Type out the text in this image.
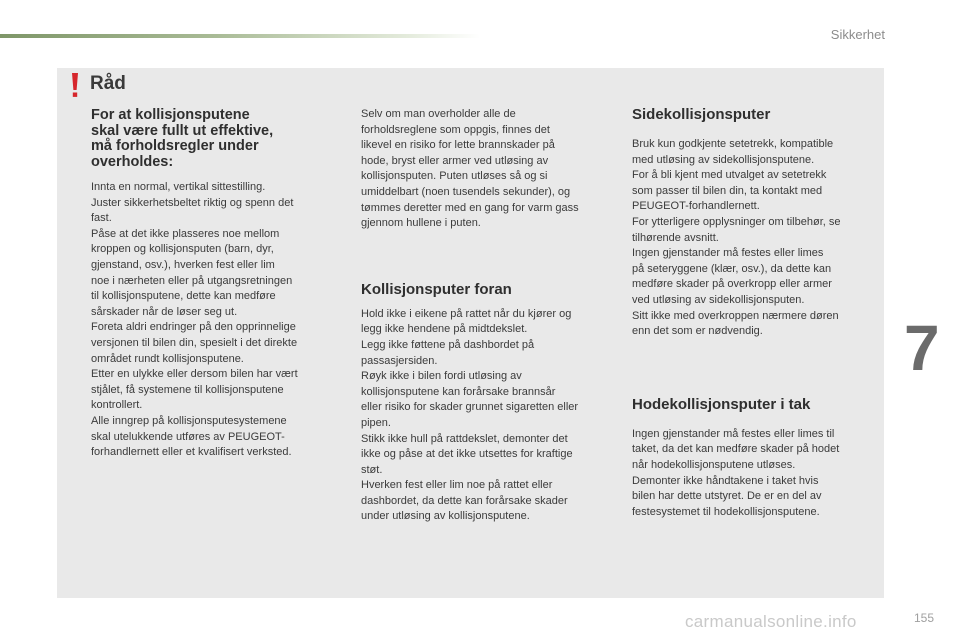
Sikkerhet
Råd
For at kollisjonsputene
skal være fullt ut effektive,
må forholdsregler under
overholdes:

Innta en normal, vertikal sittestilling.
Juster sikkerhetsbeltet riktig og spenn det
fast.
Påse at det ikke plasseres noe mellom
kroppen og kollisjonsputen (barn, dyr,
gjenstand, osv.), hverken fest eller lim
noe i nærheten eller på utgangsretningen
til kollisjonsputene, dette kan medføre
sårskader når de løser seg ut.
Foreta aldri endringer på den opprinnelige
versjonen til bilen din, spesielt i det direkte
området rundt kollisjonsputene.
Etter en ulykke eller dersom bilen har vært
stjålet, få systemene til kollisjonsputene
kontrollert.
Alle inngrep på kollisjonsputesystemene
skal utelukkende utføres av PEUGEOT-
forhandlernett eller et kvalifisert verksted.

Selv om man overholder alle de
forholdsreglene som oppgis, finnes det
likevel en risiko for lette brannskader på
hode, bryst eller armer ved utløsing av
kollisjonsputen. Puten utløses så og si
umiddelbart (noen tusendels sekunder), og
tømmes deretter med en gang for varm gass
gjennom hullene i puten.

Kollisjonsputer foran

Hold ikke i eikene på rattet når du kjører og
legg ikke hendene på midtdekslet.
Legg ikke føttene på dashbordet på
passasjersiden.
Røyk ikke i bilen fordi utløsing av
kollisjonsputene kan forårsake brannsår
eller risiko for skader grunnet sigaretten eller
pipen.
Stikk ikke hull på rattdekslet, demonter det
ikke og påse at det ikke utsettes for kraftige
støt.
Hverken fest eller lim noe på rattet eller
dashbordet, da dette kan forårsake skader
under utløsing av kollisjonsputene.

Sidekollisjonsputer

Bruk kun godkjente setetrekk, kompatible
med utløsing av sidekollisjonsputene.
For å bli kjent med utvalget av setetrekk
som passer til bilen din, ta kontakt med
PEUGEOT-forhandlernett.
For ytterligere opplysninger om tilbehør, se
tilhørende avsnitt.
Ingen gjenstander må festes eller limes
på seteryggene (klær, osv.), da dette kan
medføre skader på overkropp eller armer
ved utløsing av sidekollisjonsputen.
Sitt ikke med overkroppen nærmere døren
enn det som er nødvendig.

Hodekollisjonsputer i tak

Ingen gjenstander må festes eller limes til
taket, da det kan medføre skader på hodet
når hodekollisjonsputene utløses.
Demonter ikke håndtakene i taket hvis
bilen har dette utstyret. De er en del av
festesystemet til hodekollisjonsputene.

7
carmanualsonline.info	155
